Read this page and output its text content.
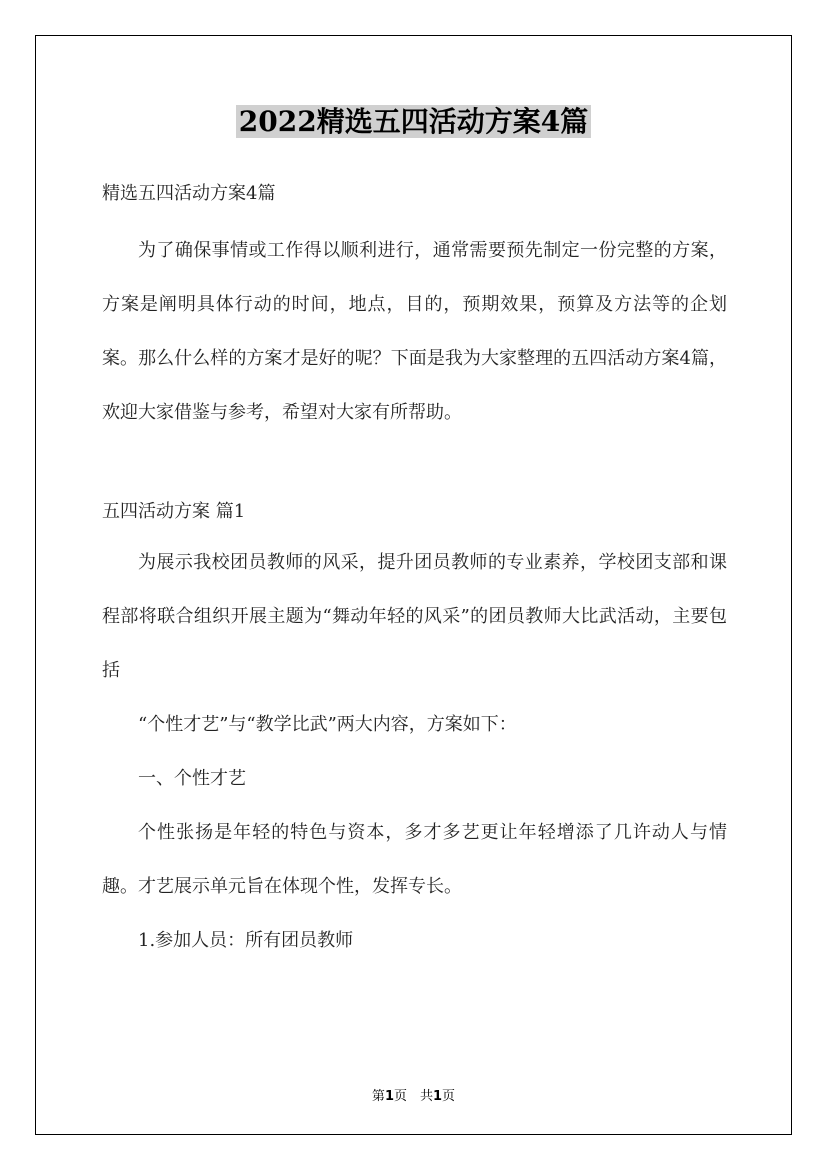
2022精选五四活动方案4篇

精选五四活动方案4篇

为了确保事情或工作得以顺利进行，通常需要预先制定一份完整的方案，方案是阐明具体行动的时间，地点，目的，预期效果，预算及方法等的企划案。那么什么样的方案才是好的呢？下面是我为大家整理的五四活动方案4篇，欢迎大家借鉴与参考，希望对大家有所帮助。

五四活动方案 篇1

为展示我校团员教师的风采，提升团员教师的专业素养，学校团支部和课程部将联合组织开展主题为“舞动年轻的风采”的团员教师大比武活动，主要包括

“个性才艺”与“教学比武”两大内容，方案如下：

一、个性才艺

个性张扬是年轻的特色与资本，多才多艺更让年轻增添了几许动人与情趣。才艺展示单元旨在体现个性，发挥专长。

1.参加人员：所有团员教师

第1页　共1页
